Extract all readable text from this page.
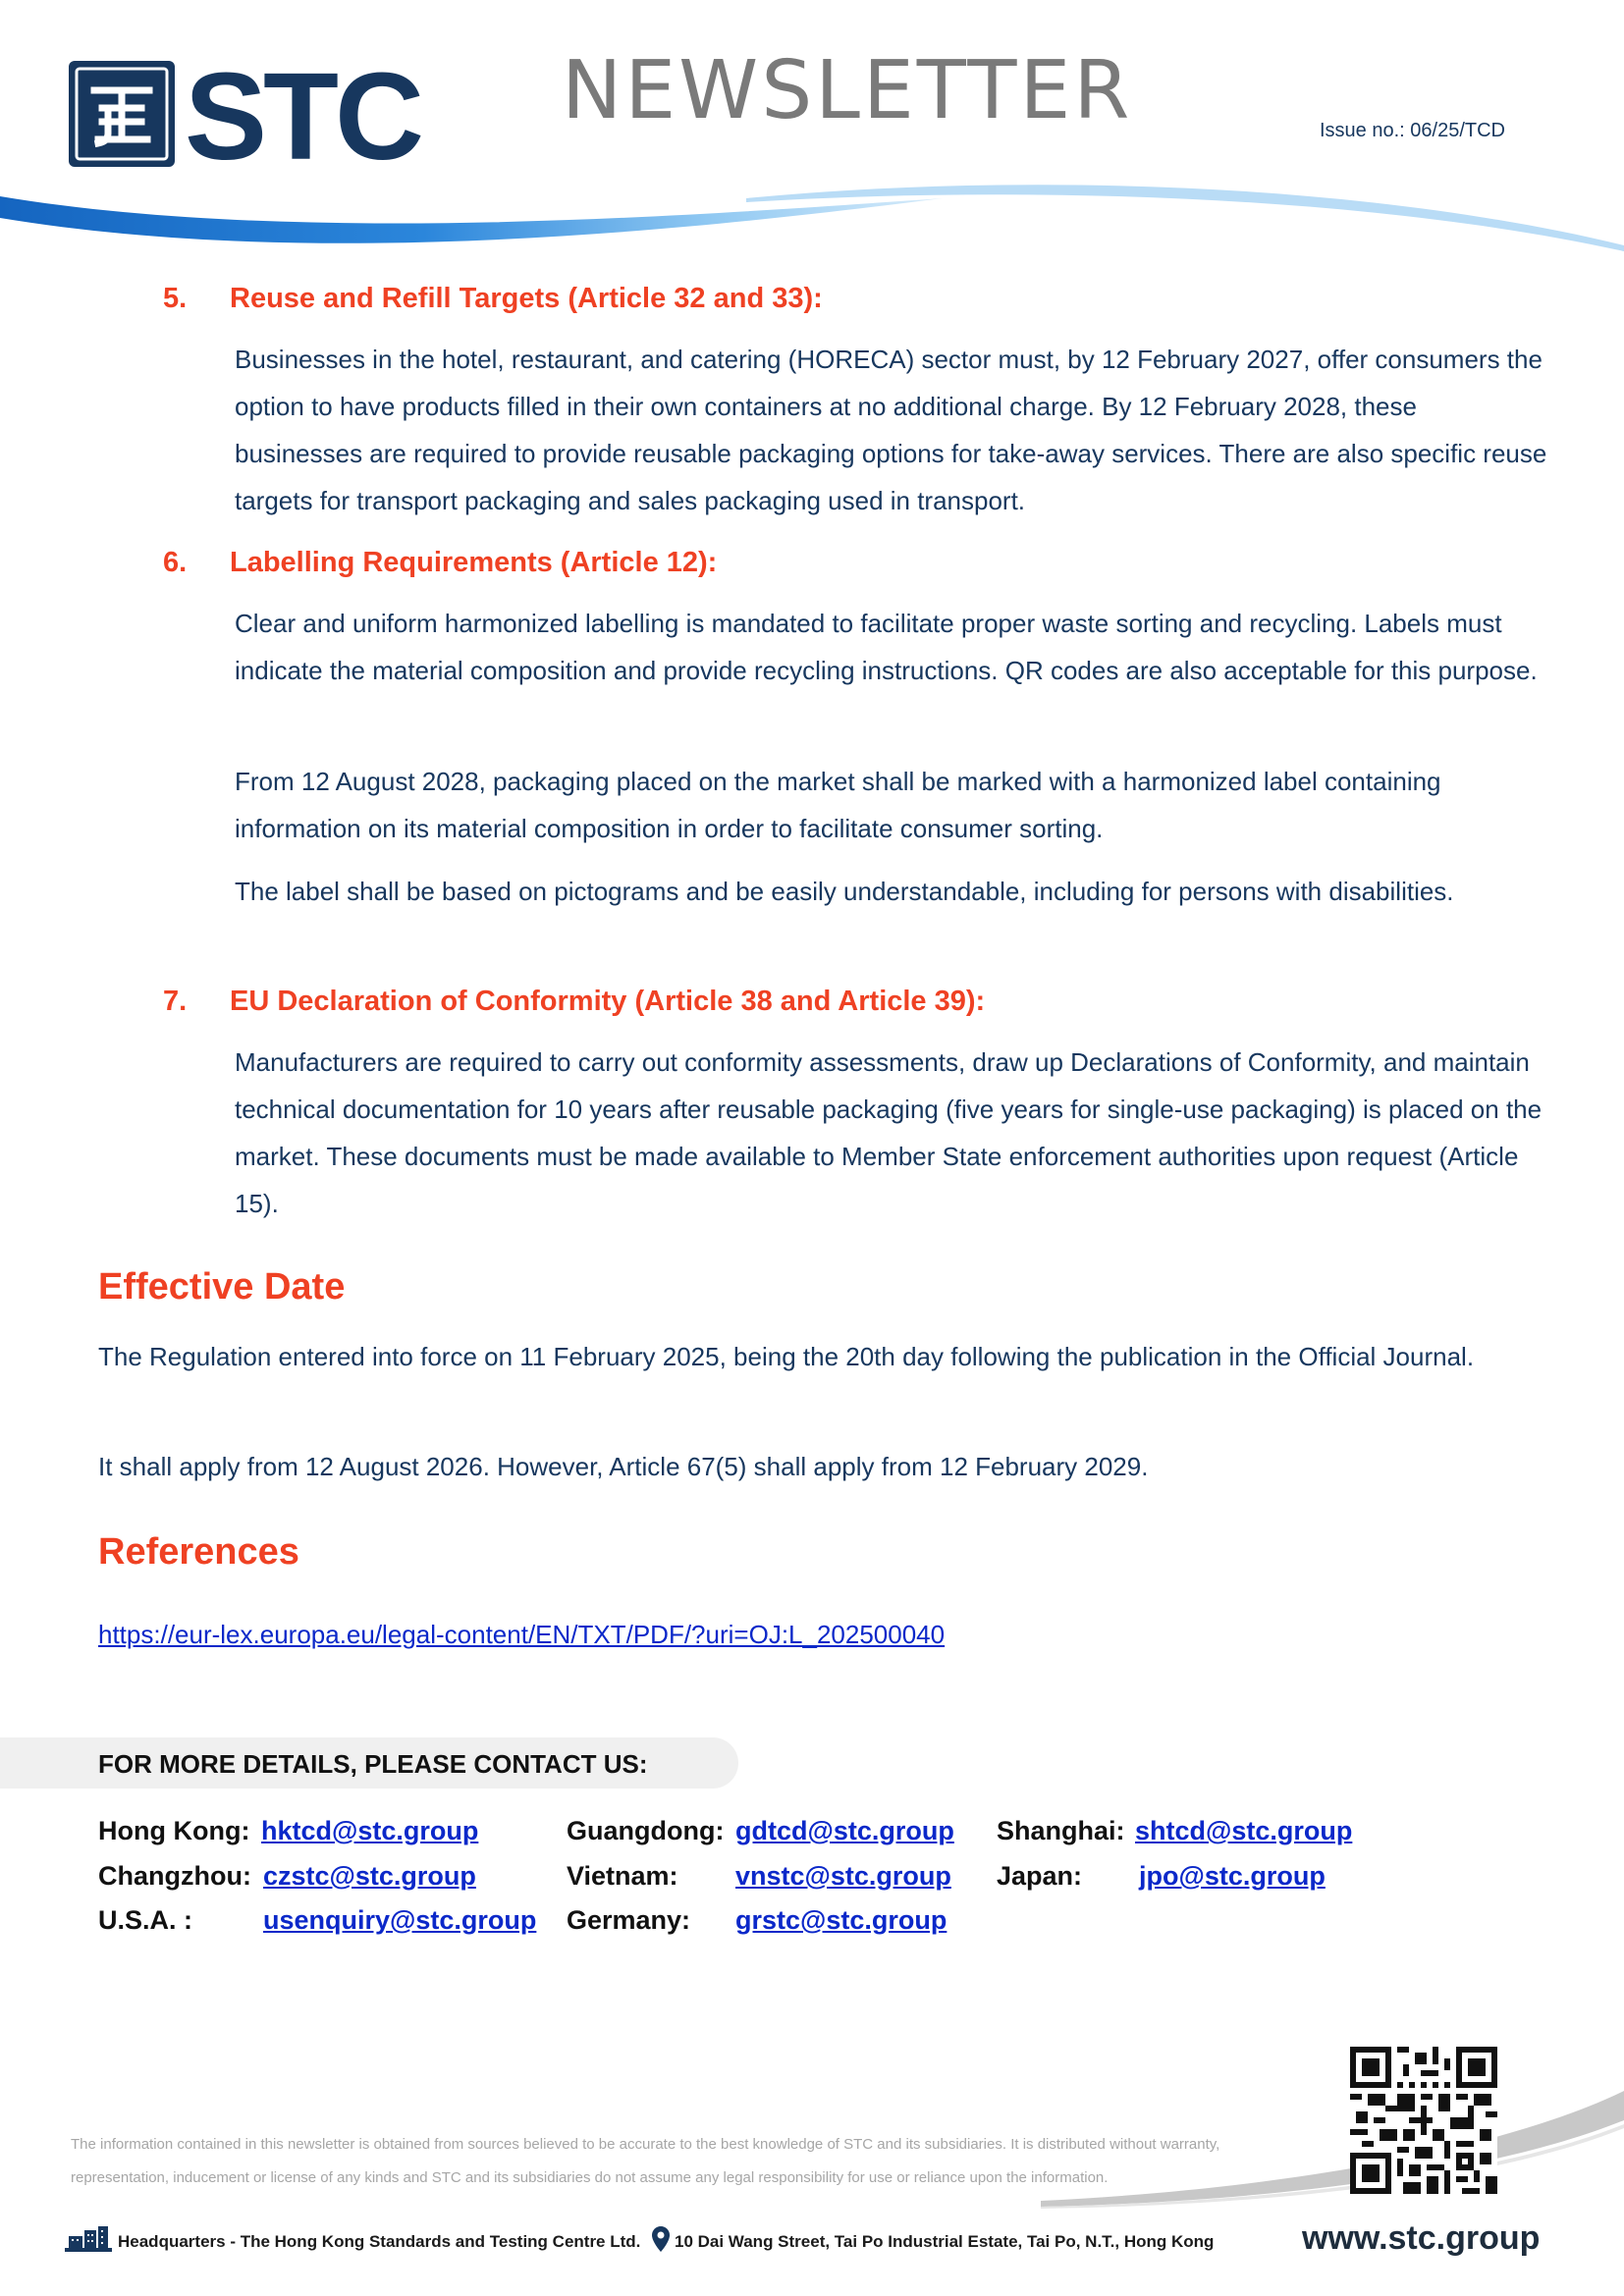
STC NEWSLETTER	Issue no.: 06/25/TCD
5. Reuse and Refill Targets (Article 32 and 33):
Businesses in the hotel, restaurant, and catering (HORECA) sector must, by 12 February 2027, offer consumers the option to have products filled in their own containers at no additional charge. By 12 February 2028, these businesses are required to provide reusable packaging options for take-away services. There are also specific reuse targets for transport packaging and sales packaging used in transport.
6. Labelling Requirements (Article 12):
Clear and uniform harmonized labelling is mandated to facilitate proper waste sorting and recycling. Labels must indicate the material composition and provide recycling instructions. QR codes are also acceptable for this purpose.
From 12 August 2028, packaging placed on the market shall be marked with a harmonized label containing information on its material composition in order to facilitate consumer sorting.
The label shall be based on pictograms and be easily understandable, including for persons with disabilities.
7. EU Declaration of Conformity (Article 38 and Article 39):
Manufacturers are required to carry out conformity assessments, draw up Declarations of Conformity, and maintain technical documentation for 10 years after reusable packaging (five years for single-use packaging) is placed on the market. These documents must be made available to Member State enforcement authorities upon request (Article 15).
Effective Date
The Regulation entered into force on 11 February 2025, being the 20th day following the publication in the Official Journal.
It shall apply from 12 August 2026. However, Article 67(5) shall apply from 12 February 2029.
References
https://eur-lex.europa.eu/legal-content/EN/TXT/PDF/?uri=OJ:L_202500040
FOR MORE DETAILS, PLEASE CONTACT US:
Hong Kong: hktcd@stc.group	Guangdong: gdtcd@stc.group Shanghai: shtcd@stc.group
Changzhou: czstc@stc.group	Vietnam: vnstc@stc.group Japan: jpo@stc.group
U.S.A. :	usenquiry@stc.group Germany: grstc@stc.group
The information contained in this newsletter is obtained from sources believed to be accurate to the best knowledge of STC and its subsidiaries. It is distributed without warranty, representation, inducement or license of any kinds and STC and its subsidiaries do not assume any legal responsibility for use or reliance upon the information.
Headquarters - The Hong Kong Standards and Testing Centre Ltd. 10 Dai Wang Street, Tai Po Industrial Estate, Tai Po, N.T., Hong Kong	www.stc.group
